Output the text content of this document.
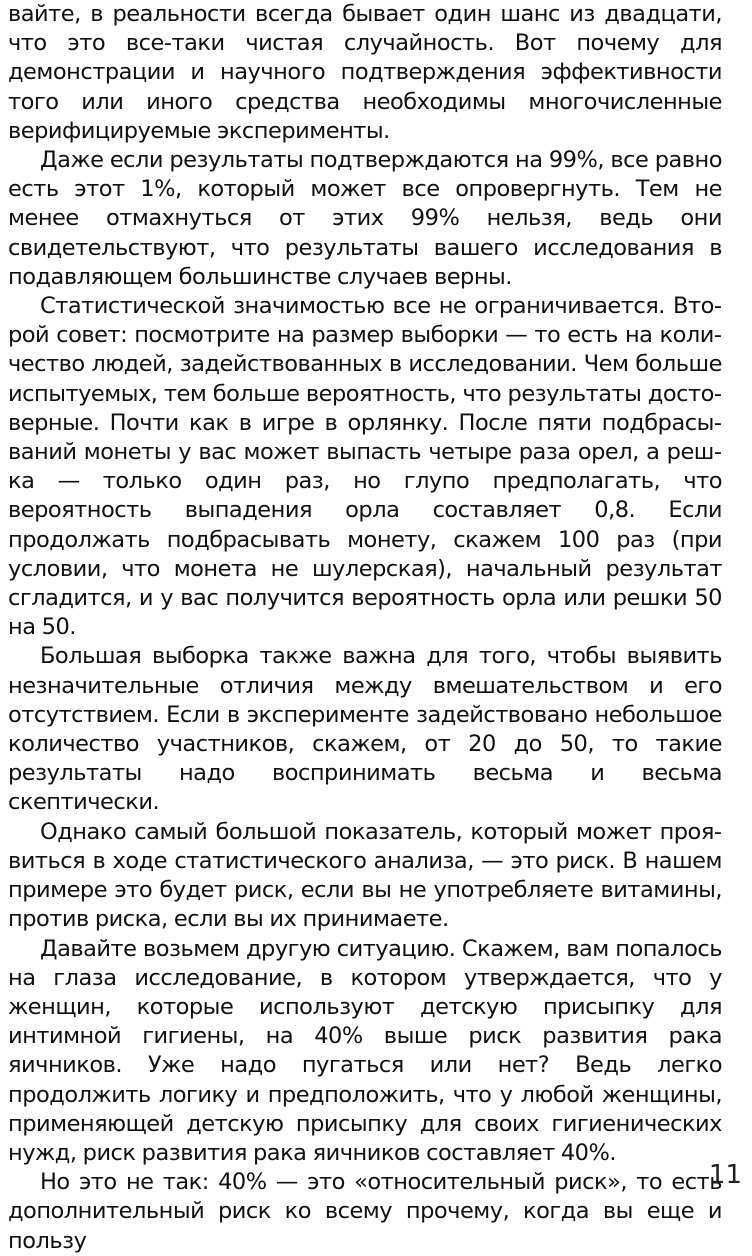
вайте, в реальности всегда бывает один шанс из двадцати, что это все-таки чистая случайность. Вот почему для демонстрации и научного подтверждения эффективности того или иного средства необходимы многочисленные верифицируемые эксперименты.

Даже если результаты подтверждаются на 99%, все равно есть этот 1%, который может все опровергнуть. Тем не менее отмахнуться от этих 99% нельзя, ведь они свидетельствуют, что результаты вашего исследования в подавляющем большинстве случаев верны.

Статистической значимостью все не ограничивается. Второй совет: посмотрите на размер выборки — то есть на количество людей, задействованных в исследовании. Чем больше испытуемых, тем больше вероятность, что результаты достоверные. Почти как в игре в орлянку. После пяти подбрасываний монеты у вас может выпасть четыре раза орел, а решка — только один раз, но глупо предполагать, что вероятность выпадения орла составляет 0,8. Если продолжать подбрасывать монету, скажем 100 раз (при условии, что монета не шулерская), начальный результат сгладится, и у вас получится вероятность орла или решки 50 на 50.

Большая выборка также важна для того, чтобы выявить незначительные отличия между вмешательством и его отсутствием. Если в эксперименте задействовано небольшое количество участников, скажем, от 20 до 50, то такие результаты надо воспринимать весьма и весьма скептически.

Однако самый большой показатель, который может проявиться в ходе статистического анализа, — это риск. В нашем примере это будет риск, если вы не употребляете витамины, против риска, если вы их принимаете.

Давайте возьмем другую ситуацию. Скажем, вам попалось на глаза исследование, в котором утверждается, что у женщин, которые используют детскую присыпку для интимной гигиены, на 40% выше риск развития рака яичников. Уже надо пугаться или нет? Ведь легко продолжить логику и предположить, что у любой женщины, применяющей детскую присыпку для своих гигиенических нужд, риск развития рака яичников составляет 40%.

Но это не так: 40% — это «относительный риск», то есть дополнительный риск ко всему прочему, когда вы еще и пользу

11
